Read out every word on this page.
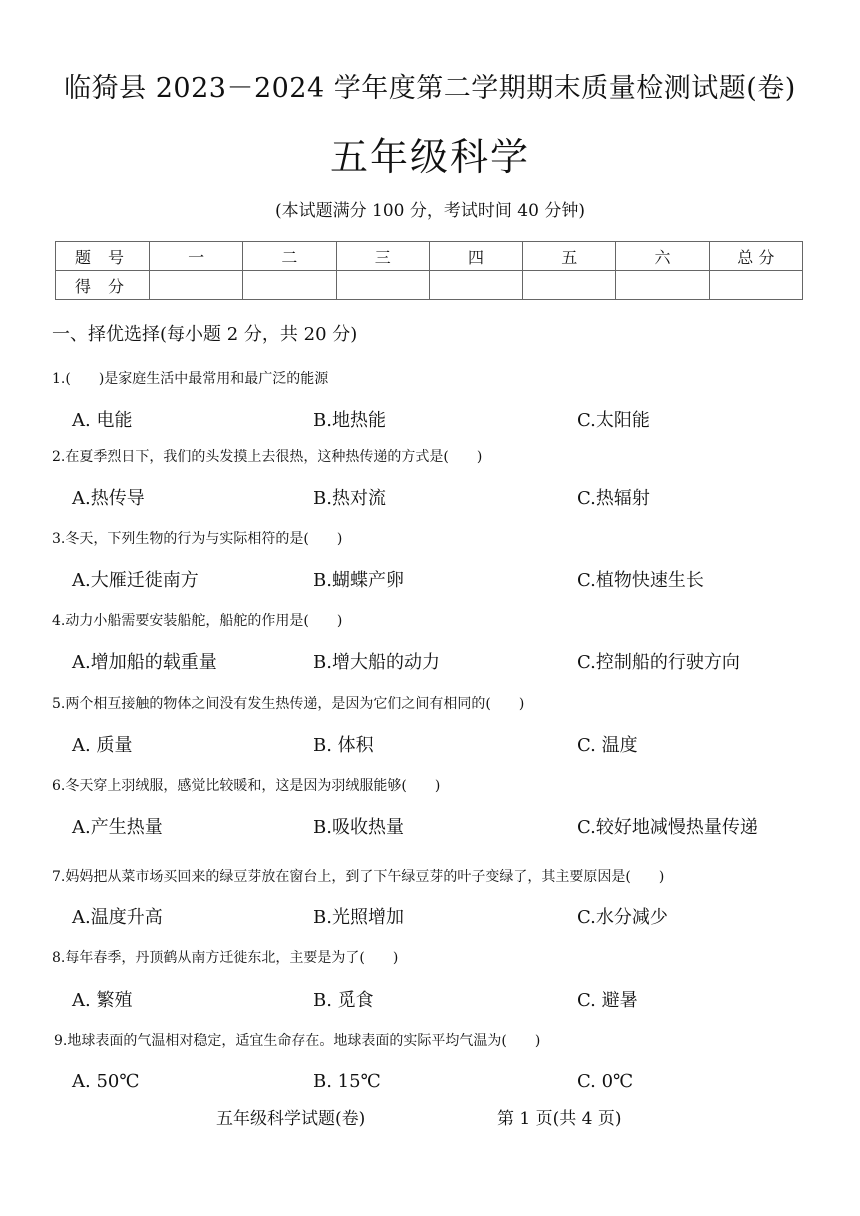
临猗县 2023－2024 学年度第二学期期末质量检测试题(卷)
五年级科学
(本试题满分 100 分，考试时间 40 分钟)
题 号	一	二	三	四	五	六	总 分
得 分							
一、择优选择(每小题 2 分，共 20 分)
1.(　　)是家庭生活中最常用和最广泛的能源
A. 电能	B.地热能	C.太阳能
2.在夏季烈日下，我们的头发摸上去很热，这种热传递的方式是(　　)
A.热传导	B.热对流	C.热辐射
3.冬天，下列生物的行为与实际相符的是(　　)
A.大雁迁徙南方	B.蝴蝶产卵	C.植物快速生长
4.动力小船需要安装船舵，船舵的作用是(　　)
A.增加船的载重量	B.增大船的动力	C.控制船的行驶方向
5.两个相互接触的物体之间没有发生热传递，是因为它们之间有相同的(　　)
A. 质量	B. 体积	C. 温度
6.冬天穿上羽绒服，感觉比较暖和，这是因为羽绒服能够(　　)
A.产生热量	B.吸收热量	C.较好地减慢热量传递
7.妈妈把从菜市场买回来的绿豆芽放在窗台上，到了下午绿豆芽的叶子变绿了，其主要原因是(　　)
A.温度升高	B.光照增加	C.水分减少
8.每年春季，丹顶鹤从南方迁徙东北，主要是为了(　　)
A. 繁殖	B. 觅食	C. 避暑
9.地球表面的气温相对稳定，适宜生命存在。地球表面的实际平均气温为(　　)
A. 50℃	B. 15℃	C. 0℃
五年级科学试题(卷)	第 1 页(共 4 页)
